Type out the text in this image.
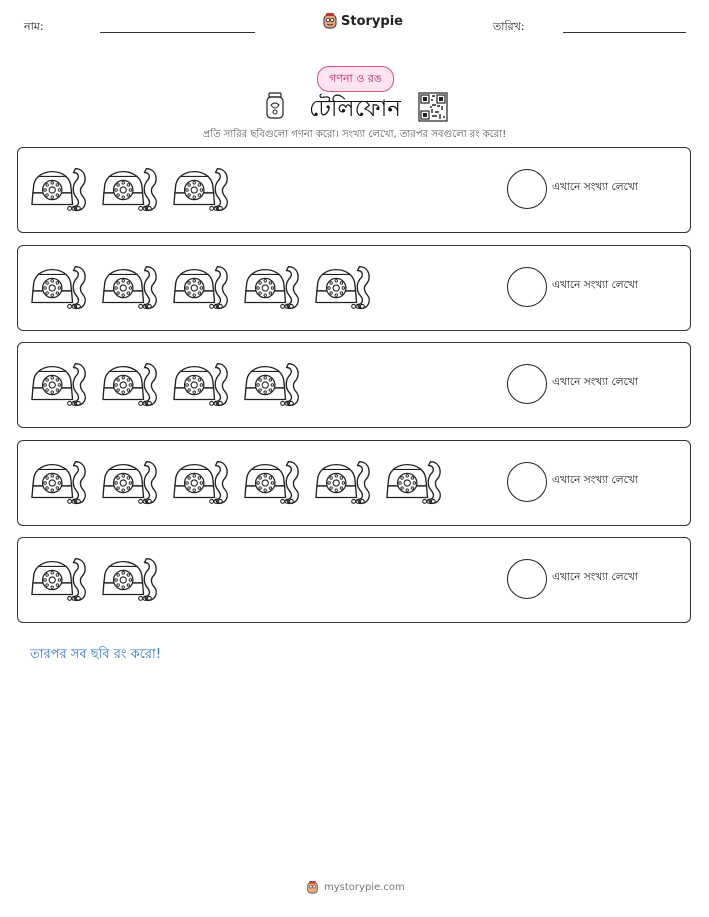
নাম:	Storypie	তারিখ:
গণনা ও রঙ
টেলিফোন
প্রতি সারির ছবিগুলো গণনা করো। সংখ্যা লেখো, তারপর সবগুলো রং করো!
এখানে সংখ্যা লেখো
এখানে সংখ্যা লেখো
এখানে সংখ্যা লেখো
এখানে সংখ্যা লেখো
এখানে সংখ্যা লেখো
তারপর সব ছবি রং করো!
mystorypie.com
